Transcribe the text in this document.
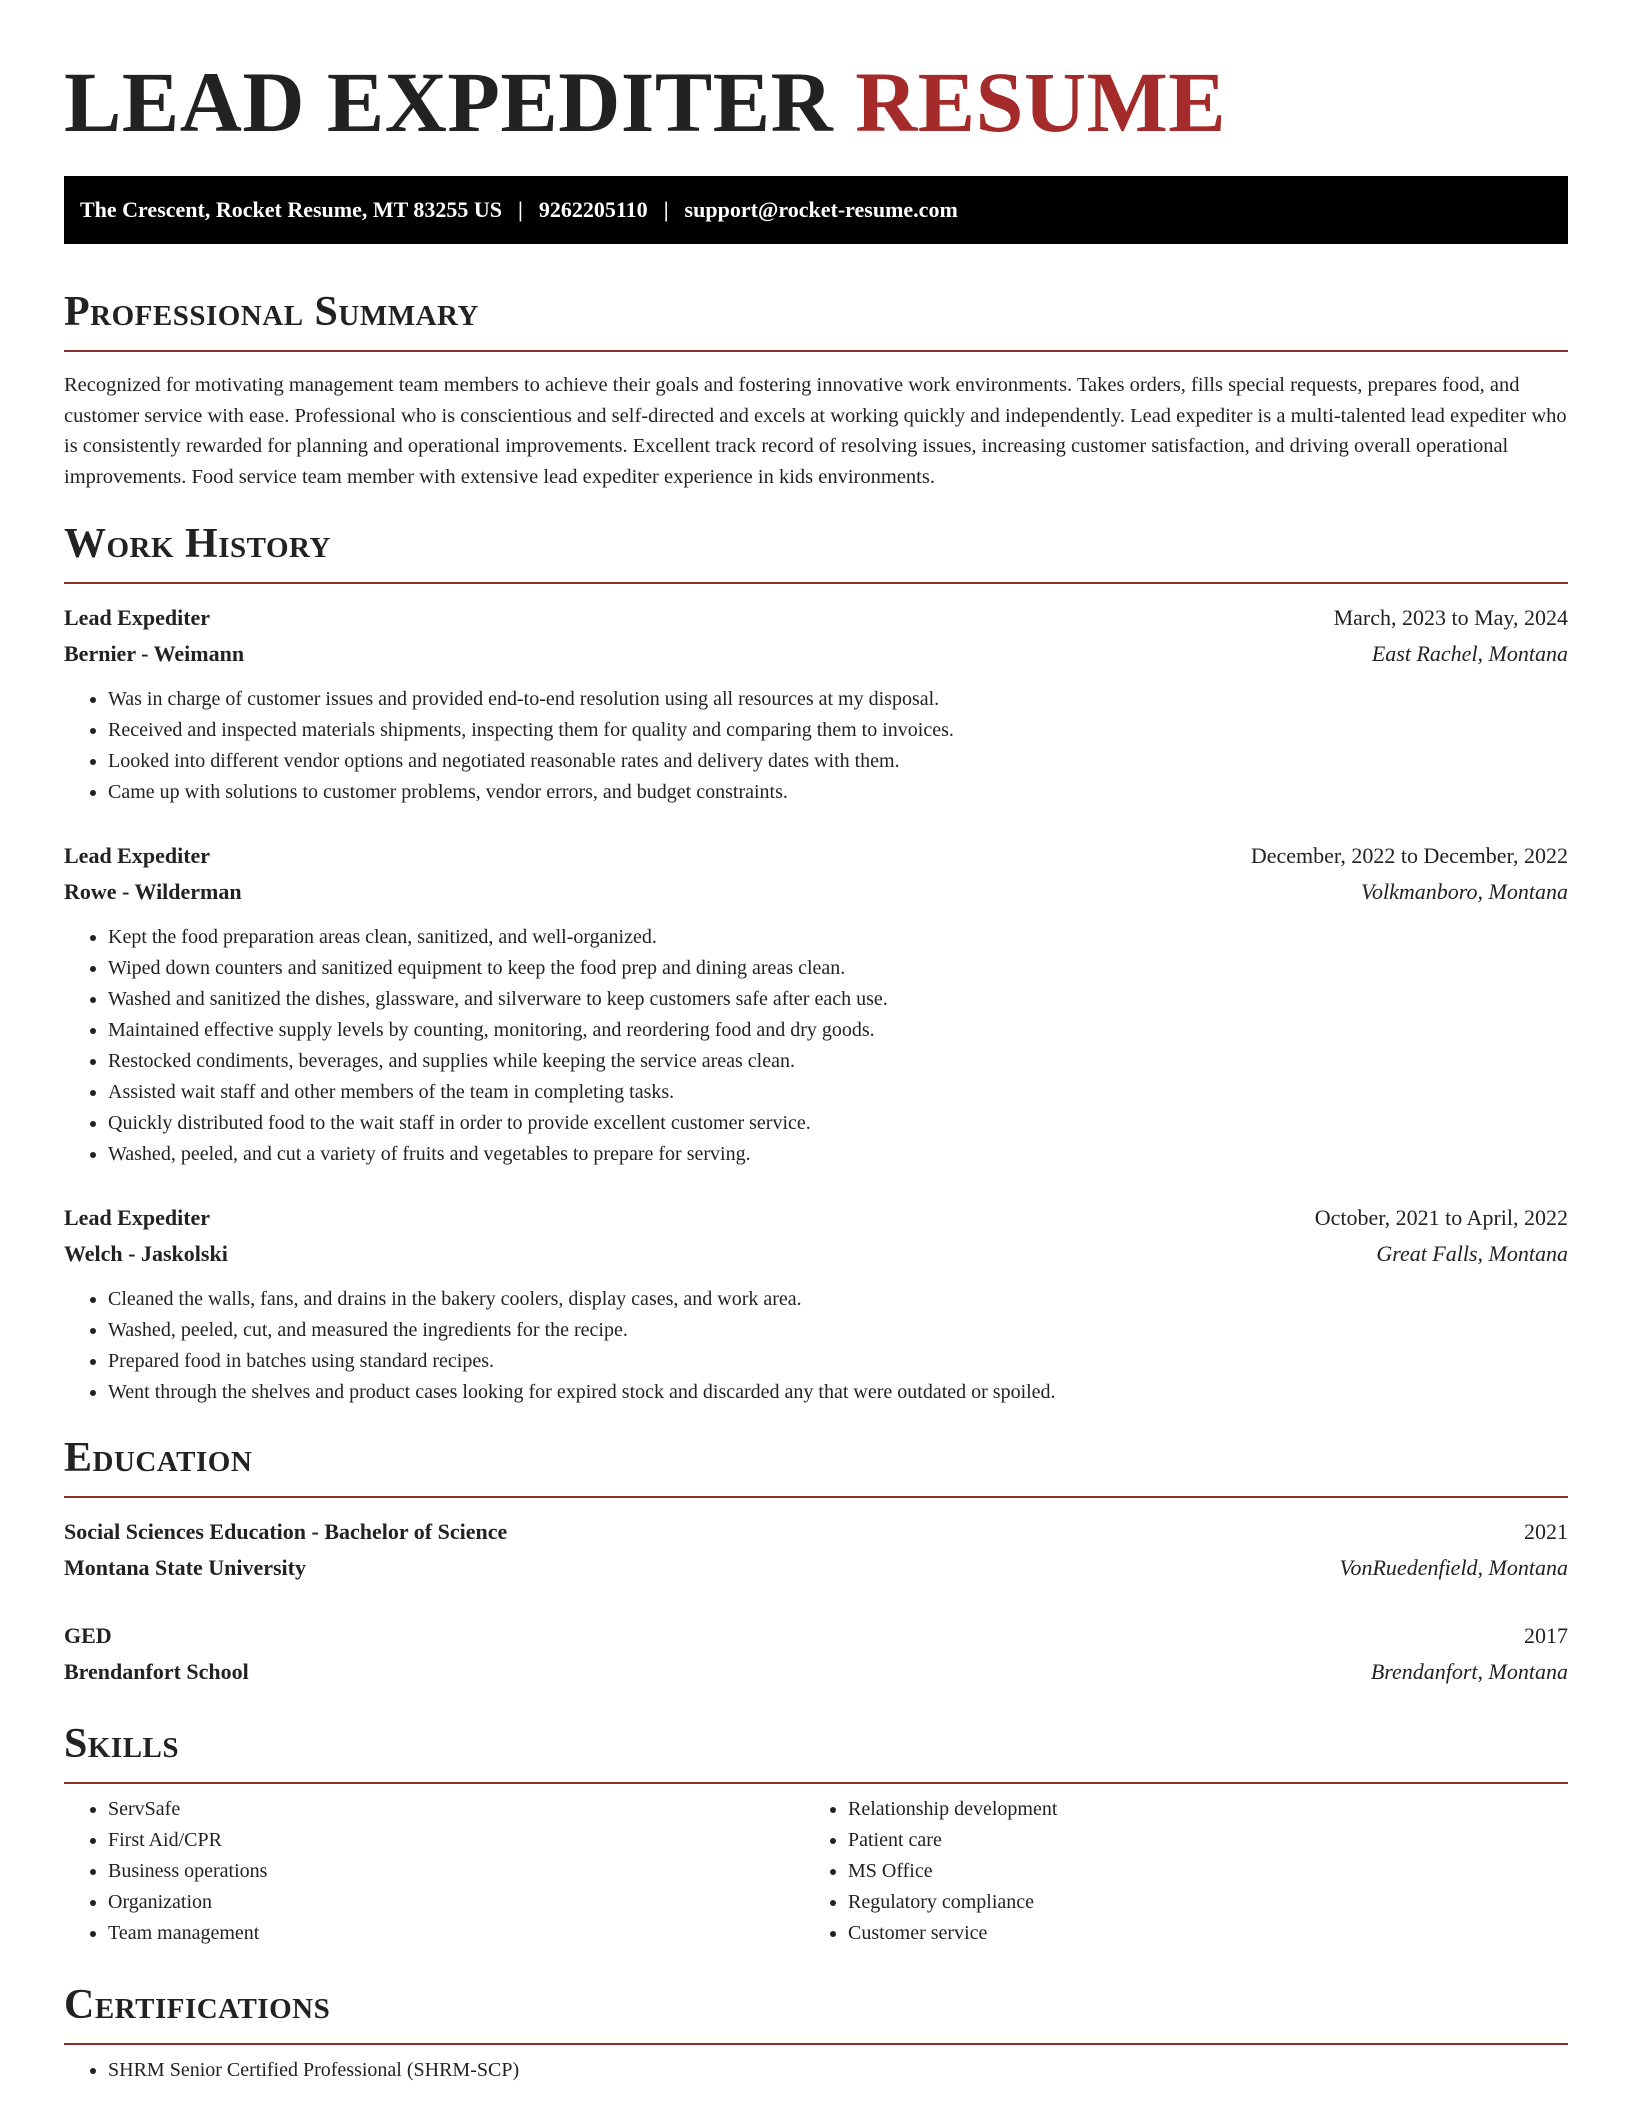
LEAD EXPEDITER RESUME
The Crescent, Rocket Resume, MT 83255 US | 9262205110 | support@rocket-resume.com
Professional Summary

Recognized for motivating management team members to achieve their goals and fostering innovative work environments. Takes orders, fills special requests, prepares food, and customer service with ease. Professional who is conscientious and self-directed and excels at working quickly and independently. Lead expediter is a multi-talented lead expediter who is consistently rewarded for planning and operational improvements. Excellent track record of resolving issues, increasing customer satisfaction, and driving overall operational improvements. Food service team member with extensive lead expediter experience in kids environments.

Work History
Lead Expediter	March, 2023 to May, 2024
Bernier - Weimann	East Rachel, Montana
• Was in charge of customer issues and provided end-to-end resolution using all resources at my disposal.
• Received and inspected materials shipments, inspecting them for quality and comparing them to invoices.
• Looked into different vendor options and negotiated reasonable rates and delivery dates with them.
• Came up with solutions to customer problems, vendor errors, and budget constraints.
Lead Expediter	December, 2022 to December, 2022
Rowe - Wilderman	Volkmanboro, Montana
• Kept the food preparation areas clean, sanitized, and well-organized.
• Wiped down counters and sanitized equipment to keep the food prep and dining areas clean.
• Washed and sanitized the dishes, glassware, and silverware to keep customers safe after each use.
• Maintained effective supply levels by counting, monitoring, and reordering food and dry goods.
• Restocked condiments, beverages, and supplies while keeping the service areas clean.
• Assisted wait staff and other members of the team in completing tasks.
• Quickly distributed food to the wait staff in order to provide excellent customer service.
• Washed, peeled, and cut a variety of fruits and vegetables to prepare for serving.
Lead Expediter	October, 2021 to April, 2022
Welch - Jaskolski	Great Falls, Montana
• Cleaned the walls, fans, and drains in the bakery coolers, display cases, and work area.
• Washed, peeled, cut, and measured the ingredients for the recipe.
• Prepared food in batches using standard recipes.
• Went through the shelves and product cases looking for expired stock and discarded any that were outdated or spoiled.
Education
Social Sciences Education - Bachelor of Science	2021
Montana State University	VonRuedenfield, Montana
GED	2017
Brendanfort School	Brendanfort, Montana
Skills
• ServSafe
• First Aid/CPR
• Business operations
• Organization
• Team management
• Relationship development
• Patient care
• MS Office
• Regulatory compliance
• Customer service
Certifications
• SHRM Senior Certified Professional (SHRM-SCP)
